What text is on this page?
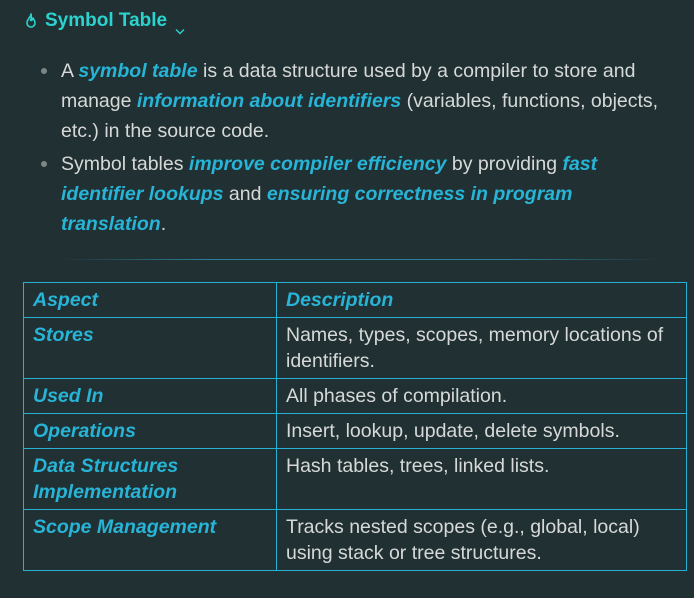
Symbol Table
A symbol table is a data structure used by a compiler to store and manage information about identifiers (variables, functions, objects, etc.) in the source code.
Symbol tables improve compiler efficiency by providing fast identifier lookups and ensuring correctness in program translation.
Aspect	Description
Stores	Names, types, scopes, memory locations of identifiers.
Used In	All phases of compilation.
Operations	Insert, lookup, update, delete symbols.
Data Structures Implementation	Hash tables, trees, linked lists.
Scope Management	Tracks nested scopes (e.g., global, local) using stack or tree structures.
